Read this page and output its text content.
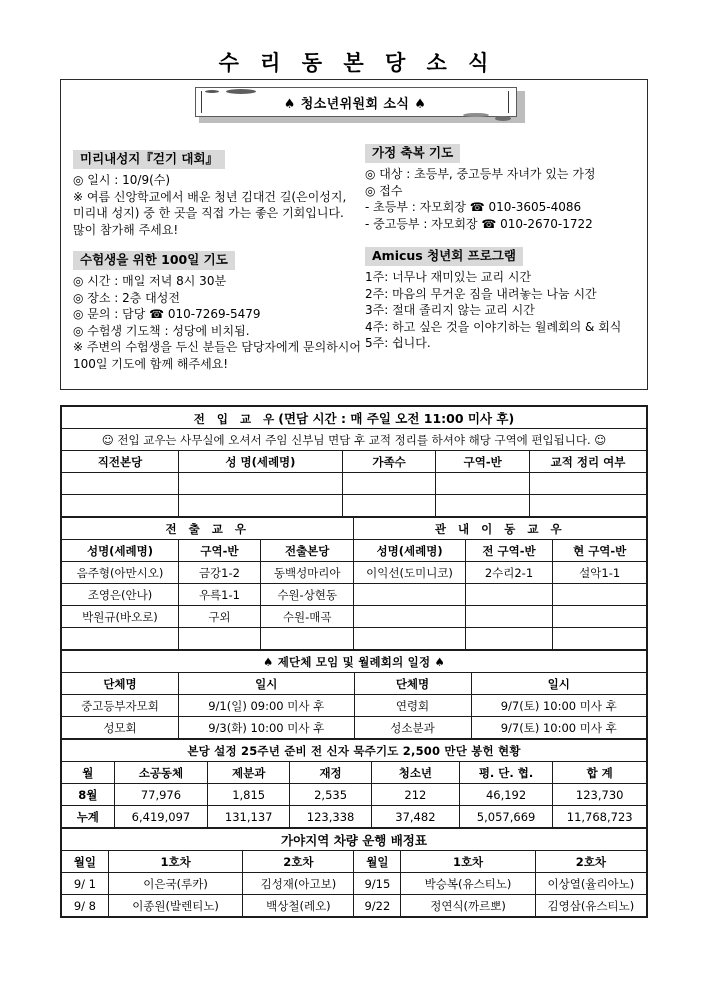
수 리 동 본 당 소 식
♠ 청소년위원회 소식 ♠
미리내성지『걷기 대회』
◎ 일시 : 10/9(수)
※ 여름 신앙학교에서 배운 청년 김대건 길(은이성지, 미리내 성지) 중 한 곳을 직접 가는 좋은 기회입니다. 많이 참가해 주세요!
수험생을 위한 100일 기도
◎ 시간 : 매일 저녁 8시 30분
◎ 장소 : 2층 대성전
◎ 문의 : 담당 ☎ 010-7269-5479
◎ 수험생 기도책 : 성당에 비치됨.
※ 주변의 수험생을 두신 분들은 담당자에게 문의하시어 100일 기도에 함께 해주세요!
가정 축복 기도
◎ 대상 : 초등부, 중고등부 자녀가 있는 가정
◎ 접수
- 초등부 : 자모회장 ☎ 010-3605-4086
- 중고등부 : 자모회장 ☎ 010-2670-1722
Amicus 청년회 프로그램
1주: 너무나 재미있는 교리 시간
2주: 마음의 무거운 짐을 내려놓는 나눔 시간
3주: 절대 졸리지 않는 교리 시간
4주: 하고 싶은 것을 이야기하는 월례회의 & 회식
5주: 쉽니다.
전 입 교 우(면담 시간 : 매 주일 오전 11:00 미사 후)				
☺ 전입 교우는 사무실에 오셔서 주임 신부님 면담 후 교적 정리를 하셔야 해당 구역에 편입됩니다. ☺				
직전본당	성 명(세례명)	가족수	구역-반	교적 정리 여부

전 출 교 우			관 내 이 동 교 우		
성명(세례명)	구역-반	전출본당	성명(세례명)	전 구역-반	현 구역-반
음주형(아만시오)	금강1-2	동백성마리아	이익선(도미니코)	2수리2-1	설악1-1
조영은(안나)	우륵1-1	수원-상현동			
박원규(바오로)	구외	수원-매곡			

♠ 제단체 모임 및 월례회의 일정 ♠			
단체명	일시	단체명	일시
중고등부자모회	9/1(일) 09:00 미사 후	연령회	9/7(토) 10:00 미사 후
성모회	9/3(화) 10:00 미사 후	성소분과	9/7(토) 10:00 미사 후
본당 설정 25주년 준비 전 신자 묵주기도 2,500 만단 봉헌 현황						
월	소공동체	제분과	재정	청소년	평. 단. 협.	합 계
8월	77,976	1,815	2,535	212	46,192	123,730
누계	6,419,097	131,137	123,338	37,482	5,057,669	11,768,723
가야지역 차량 운행 배정표					
월일	1호차	2호차	월일	1호차	2호차
9/ 1	이은국(루카)	김성재(아고보)	9/15	박승복(유스티노)	이상열(율리아노)
9/ 8	이종원(발렌티노)	백상철(레오)	9/22	정연식(까르뽀)	김영삼(유스티노)
